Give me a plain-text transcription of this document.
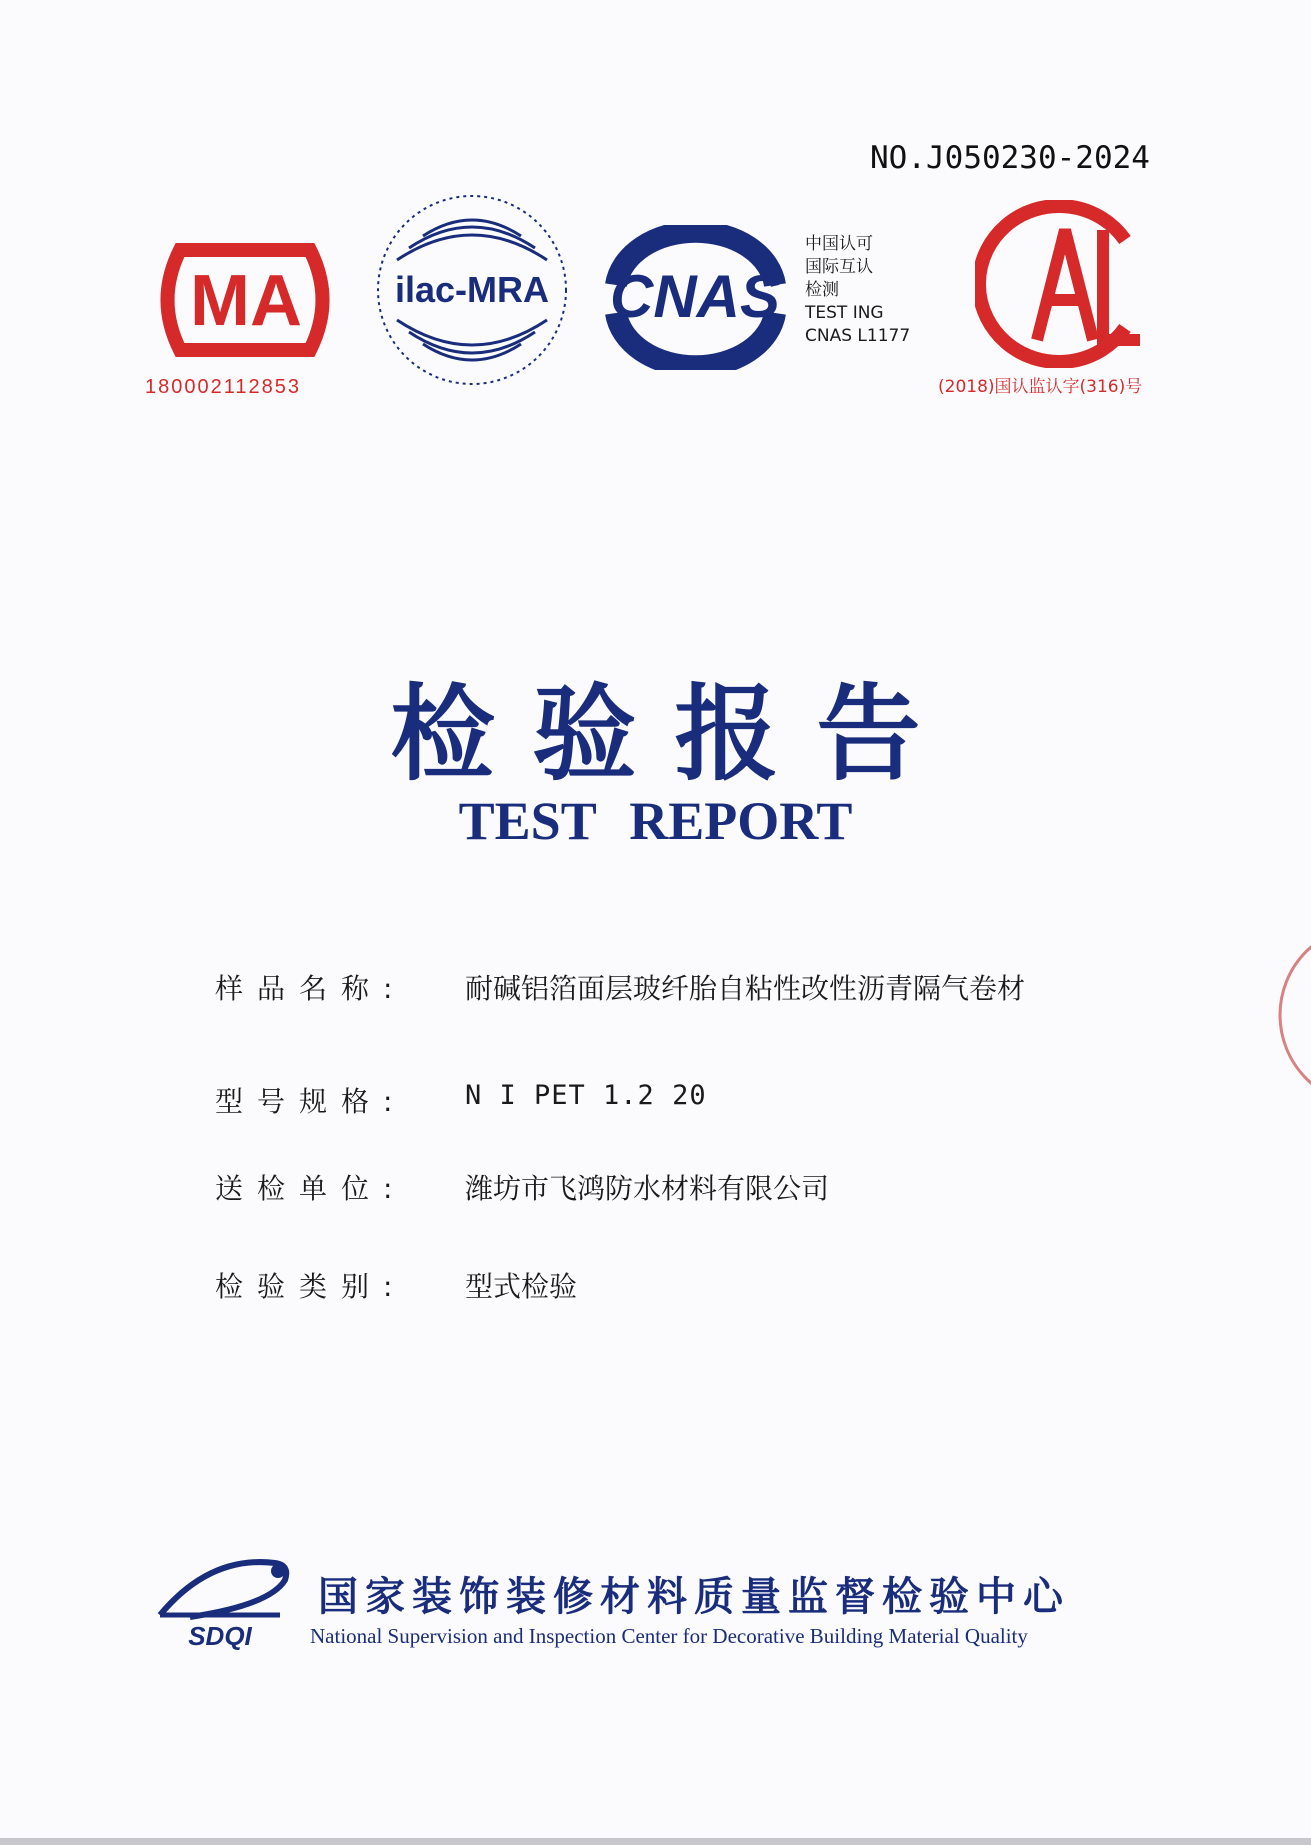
NO.J050230-2024
MA
180002112853
ilac-MRA CNAS
中国认可
国际互认
检测
TEST ING
CNAS L1177
(2018)国认监认字(316)号
检验报告
TEST REPORT
样品名称:	耐碱铝箔面层玻纤胎自粘性改性沥青隔气卷材
型号规格:	N I PET 1.2 20
送检单位:	潍坊市飞鸿防水材料有限公司
检验类别:	型式检验
SDQI
国家装饰装修材料质量监督检验中心
National Supervision and Inspection Center for Decorative Building Material Quality
